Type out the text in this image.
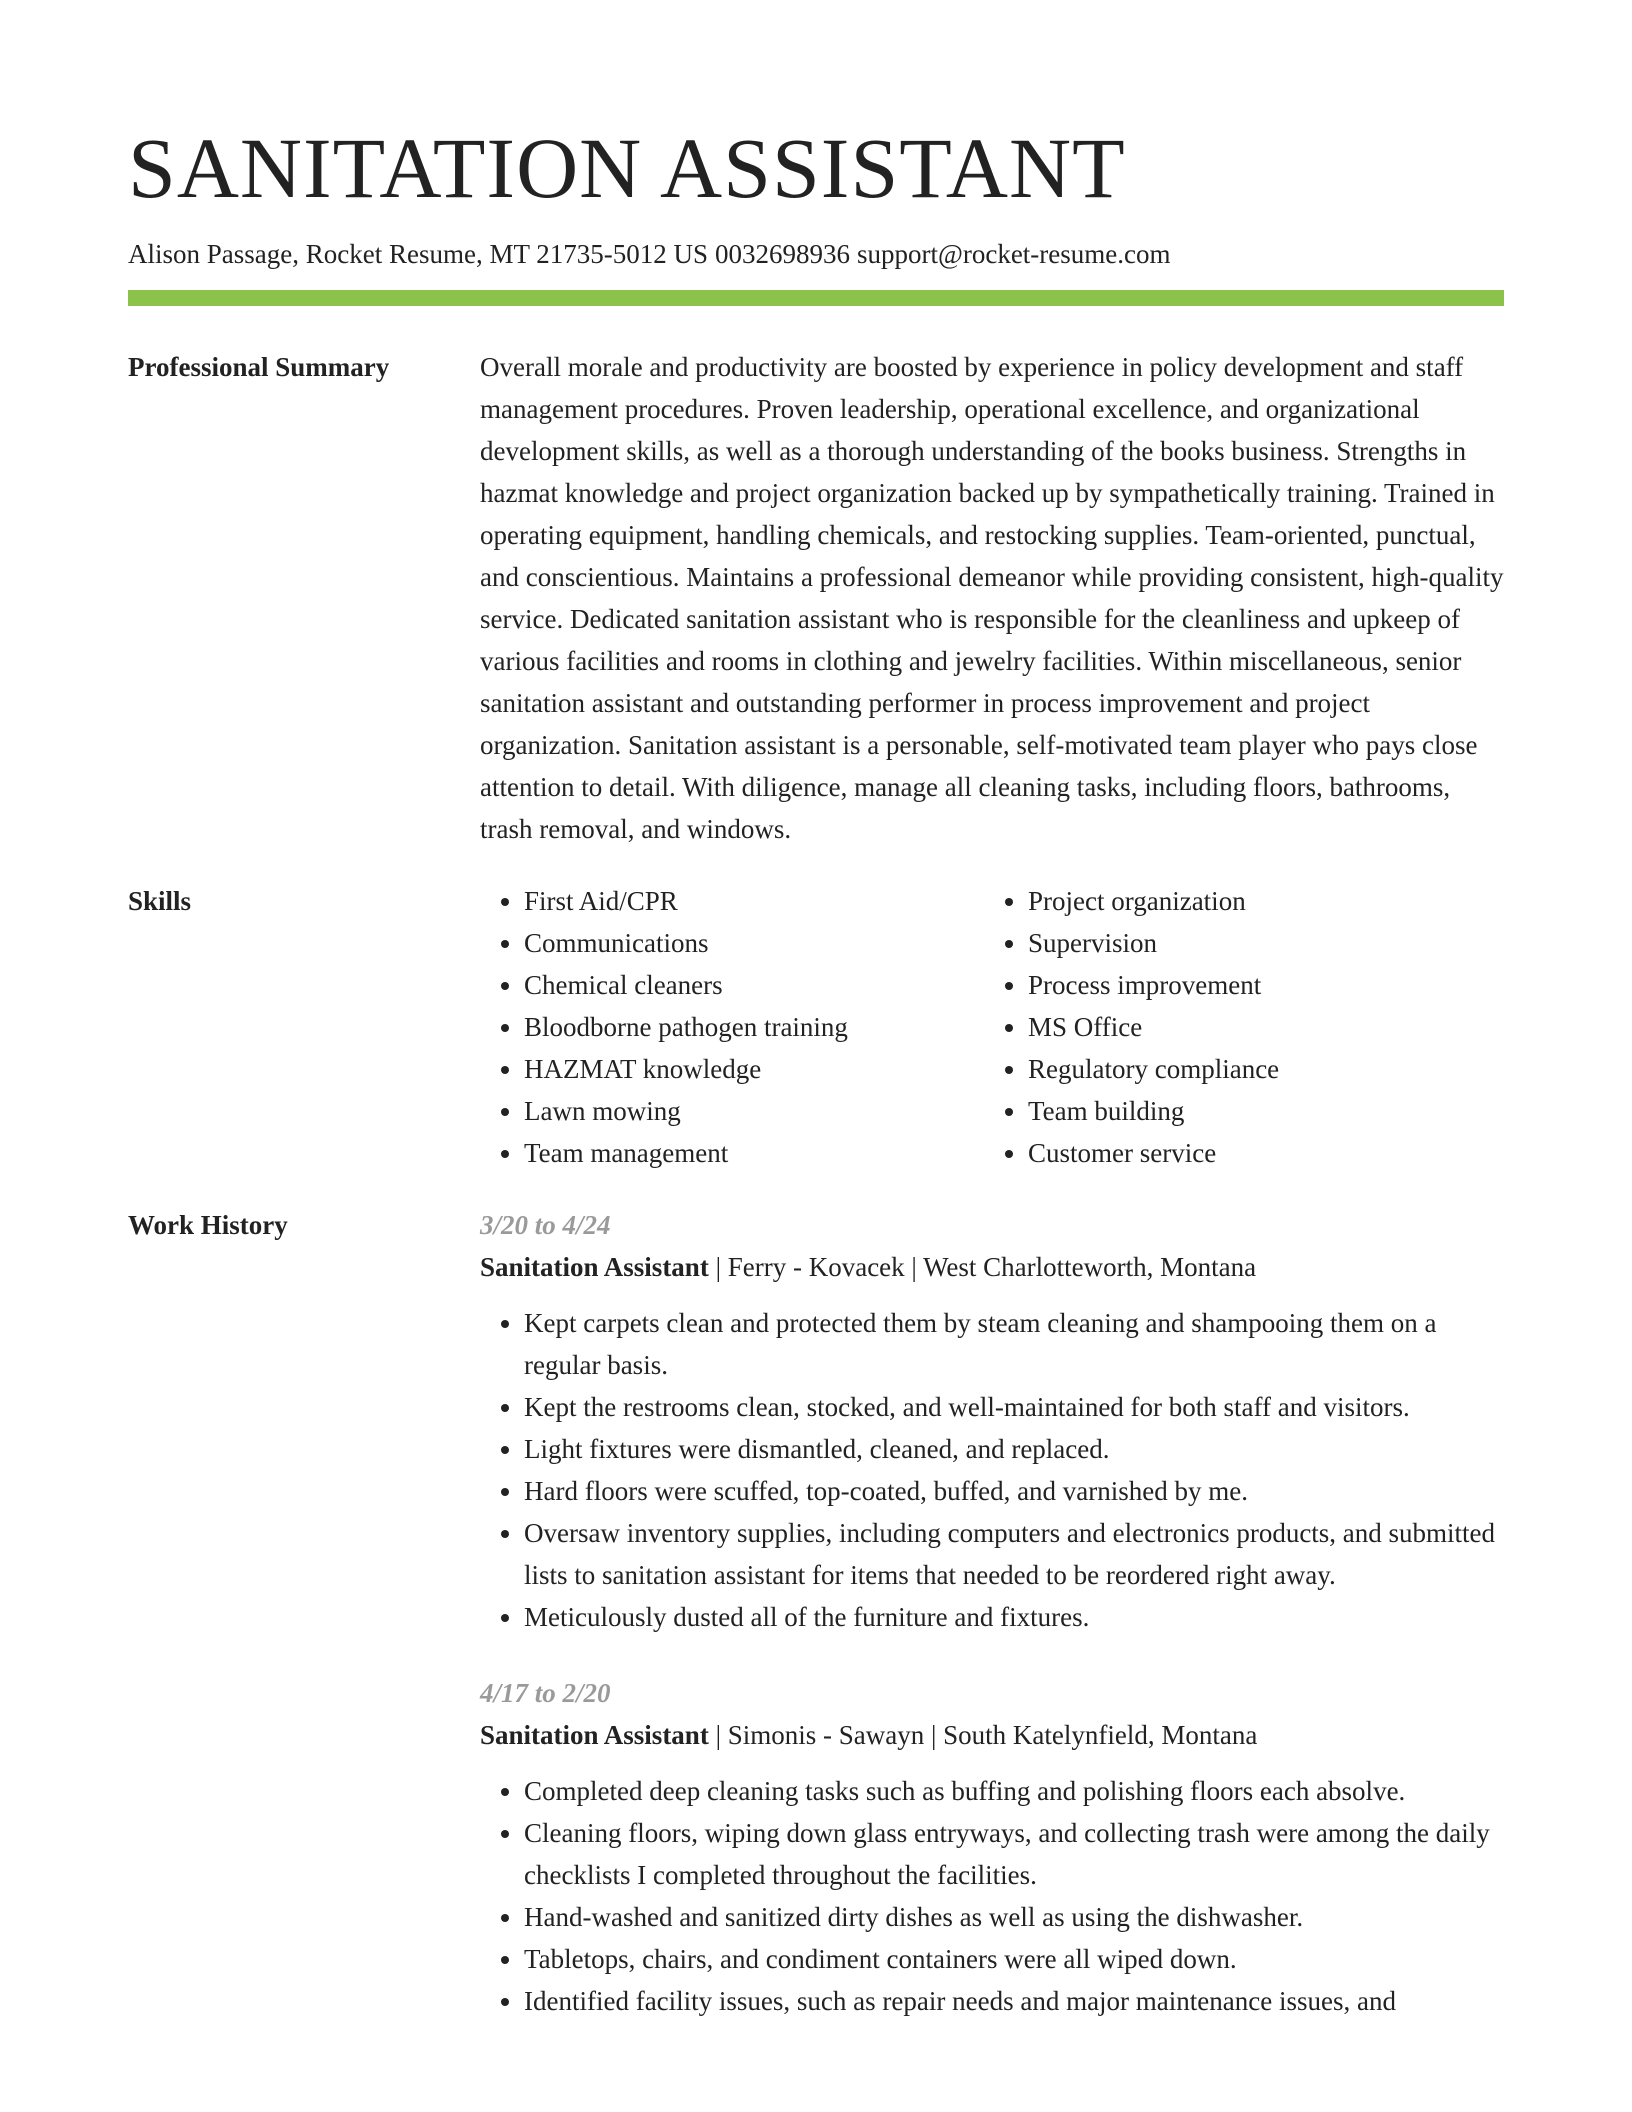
SANITATION ASSISTANT
Alison Passage, Rocket Resume, MT 21735-5012 US 0032698936 support@rocket-resume.com
Professional Summary	Overall morale and productivity are boosted by experience in policy development and staff management procedures. Proven leadership, operational excellence, and organizational development skills, as well as a thorough understanding of the books business. Strengths in hazmat knowledge and project organization backed up by sympathetically training. Trained in operating equipment, handling chemicals, and restocking supplies. Team-oriented, punctual, and conscientious. Maintains a professional demeanor while providing consistent, high-quality service. Dedicated sanitation assistant who is responsible for the cleanliness and upkeep of various facilities and rooms in clothing and jewelry facilities. Within miscellaneous, senior sanitation assistant and outstanding performer in process improvement and project organization. Sanitation assistant is a personable, self-motivated team player who pays close attention to detail. With diligence, manage all cleaning tasks, including floors, bathrooms, trash removal, and windows.

Skills
•	First Aid/CPR
• Communications
• Chemical cleaners
• Bloodborne pathogen training
• HAZMAT knowledge
• Lawn mowing
• Team management
• Project organization
• Supervision
• Process improvement
• MS Office
• Regulatory compliance
• Team building
• Customer service
Work History	3/20 to 4/24
Sanitation Assistant | Ferry - Kovacek | West Charlotteworth, Montana
• Kept carpets clean and protected them by steam cleaning and shampooing them on a regular basis.
• Kept the restrooms clean, stocked, and well-maintained for both staff and visitors.
• Light fixtures were dismantled, cleaned, and replaced.
• Hard floors were scuffed, top-coated, buffed, and varnished by me.
• Oversaw inventory supplies, including computers and electronics products, and submitted lists to sanitation assistant for items that needed to be reordered right away.
• Meticulously dusted all of the furniture and fixtures.
4/17 to 2/20
Sanitation Assistant | Simonis - Sawayn | South Katelynfield, Montana
• Completed deep cleaning tasks such as buffing and polishing floors each absolve.
• Cleaning floors, wiping down glass entryways, and collecting trash were among the daily checklists I completed throughout the facilities.
• Hand-washed and sanitized dirty dishes as well as using the dishwasher.
• Tabletops, chairs, and condiment containers were all wiped down.
• Identified facility issues, such as repair needs and major maintenance issues, and
